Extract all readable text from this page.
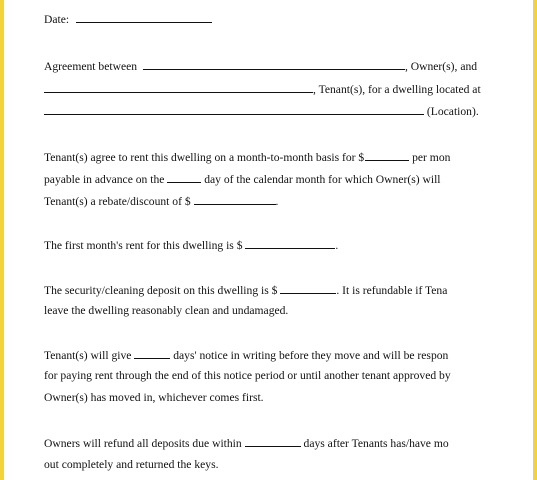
Date:
Agreement between	, Owner(s), and
, Tenant(s), for a dwelling located at
(Location).
Tenant(s) agree to rent this dwelling on a month-to-month basis for $	per mon
payable in advance on the	day of the calendar month for which Owner(s) will
Tenant(s) a rebate/discount of $	.
The first month's rent for this dwelling is $	.
The security/cleaning deposit on this dwelling is $	. It is refundable if Tena
leave the dwelling reasonably clean and undamaged.
Tenant(s) will give	days' notice in writing before they move and will be respon
for paying rent through the end of this notice period or until another tenant approved by
Owner(s) has moved in, whichever comes first.
Owners will refund all deposits due within	days after Tenants has/have mo
out completely and returned the keys.
